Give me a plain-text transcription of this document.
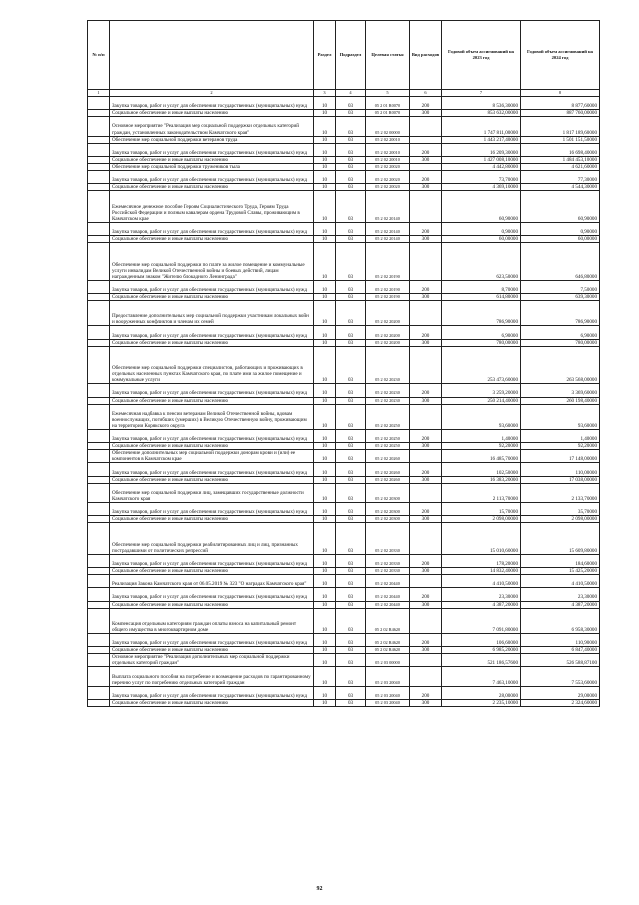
№ п/п		Раздел	Подраздел	Целевая статья	Вид расходов	Годовой объем ассигнований на 2023 год	Годовой объем ассигнований на 2024 год
1	2	3	4	5	6	7	8
	Закупка товаров, работ и услуг для обеспечения государственных (муниципальных) нужд	10	03	05 2 01 R0070	200	8 536,30000	8 877,60000
	Социальное обеспечение и иные выплаты населению	10	03	05 2 01 R0070	300	853 632,00000	887 760,00000
	Основное мероприятие "Реализация мер социальной поддержки отдельных категорий граждан, установленных законодательством Камчатского края"	10	03	05 2 02 00000		1 747 811,00000	1 817 189,60000
	Обеспечение мер социальной поддержки ветеранов труда	10	03	05 2 02 20010		1 443 217,40000	1 501 151,50000
	Закупка товаров, работ и услуг для обеспечения государственных (муниципальных) нужд	10	03	05 2 02 20010	200	16 209,30000	16 698,40000
	Социальное обеспечение и иные выплаты населению	10	03	05 2 02 20010	300	1 427 008,10000	1 484 453,10000
	Обеспечение мер социальной поддержки тружеников тыла	10	03	05 2 02 20020		4 442,80000	4 621,60000
	Закупка товаров, работ и услуг для обеспечения государственных (муниципальных) нужд	10	03	05 2 02 20020	200	73,70000	77,30000
	Социальное обеспечение и иные выплаты населению	10	03	05 2 02 20020	300	4 369,10000	4 544,30000
	Ежемесячное денежное пособие Героям Социалистического Труда, Героям Труда Российской Федерации и полным кавалерам ордена Трудовой Славы, проживающим в Камчатском крае	10	03	05 2 02 20140		60,90000	60,90000
	Закупка товаров, работ и услуг для обеспечения государственных (муниципальных) нужд	10	03	05 2 02 20140	200	0,90000	0,90000
	Социальное обеспечение и иные выплаты населению	10	03	05 2 02 20140	300	60,00000	60,00000
	Обеспечение мер социальной поддержки по плате за жилое помещение и коммунальные услуги инвалидам Великой Отечественной войны и боевых действий, лицам награжденным знаком "Жителю блокадного Ленинграда"	10	03	05 2 02 20190		623,50000	646,80000
	Закупка товаров, работ и услуг для обеспечения государственных (муниципальных) нужд	10	03	05 2 02 20190	200	8,70000	7,50000
	Социальное обеспечение и иные выплаты населению	10	03	05 2 02 20190	300	614,80000	639,30000
	Предоставление дополнительных мер социальной поддержки участникам локальных войн и вооруженных конфликтов и членам их семей	10	03	05 2 02 20200		786,90000	786,90000
	Закупка товаров, работ и услуг для обеспечения государственных (муниципальных) нужд	10	03	05 2 02 20200	200	6,90000	6,90000
	Социальное обеспечение и иные выплаты населению	10	03	05 2 02 20200	300	780,00000	780,00000
	Обеспечение мер социальной поддержки специалистов, работающих и проживающих в отдельных населенных пунктах Камчатского края, по плате ими за жилое помещение и коммунальные услуги	10	03	05 2 02 20230		253 473,60000	263 568,00000
	Закупка товаров, работ и услуг для обеспечения государственных (муниципальных) нужд	10	03	05 2 02 20230	200	3 259,20000	3 369,60000
	Социальное обеспечение и иные выплаты населению	10	03	05 2 02 20230	300	250 214,40000	260 198,40000
	Ежемесячная надбавка к пенсии ветеранам Великой Отечественной войны, вдовам военнослужащих, погибших (умерших) в Великую Отечественную войну, проживающим на территории Корякского округа	10	03	05 2 02 20250		93,60000	93,60000
	Закупка товаров, работ и услуг для обеспечения государственных (муниципальных) нужд	10	03	05 2 02 20250	200	1,40000	1,40000
	Социальное обеспечение и иные выплаты населению	10	03	05 2 02 20250	300	92,20000	92,20000
	Обеспечение дополнительных мер социальной поддержки донорам крови и (или) ее компонентов в Камчатском крае	10	03	05 2 02 20260		16 485,70000	17 148,00000
	Закупка товаров, работ и услуг для обеспечения государственных (муниципальных) нужд	10	03	05 2 02 20260	200	102,50000	110,00000
	Социальное обеспечение и иные выплаты населению	10	03	05 2 02 20260	300	16 383,20000	17 038,00000
	Обеспечение мер социальной поддержки лиц, замещавших государственные должности Камчатского края	10	03	05 2 02 20300		2 113,70000	2 133,70000
	Закупка товаров, работ и услуг для обеспечения государственных (муниципальных) нужд	10	03	05 2 02 20300	200	15,70000	35,70000
	Социальное обеспечение и иные выплаты населению	10	03	05 2 02 20300	300	2 098,00000	2 098,00000
	Обеспечение мер социальной поддержки реабилитированных лиц и лиц, признанных пострадавшими от политических репрессий	10	03	05 2 02 20330		15 010,60000	15 609,80000
	Закупка товаров, работ и услуг для обеспечения государственных (муниципальных) нужд	10	03	05 2 02 20330	200	178,20000	184,60000
	Социальное обеспечение и иные выплаты населению	10	03	05 2 02 20330	300	14 832,40000	15 425,20000
	Реализация Закона Камчатского края от 06.05.2019 № 323 "О наградах Камчатского края"	10	03	05 2 02 20440		4 410,50000	4 410,50000
	Закупка товаров, работ и услуг для обеспечения государственных (муниципальных) нужд	10	03	05 2 02 20440	200	23,30000	23,30000
	Социальное обеспечение и иные выплаты населению	10	03	05 2 02 20440	300	4 387,20000	4 387,20000
	Компенсация отдельным категориям граждан оплаты взноса на капитальный ремонт общего имущества в многоквартирном доме	10	03	05 2 02 R4620		7 091,80000	6 958,30000
	Закупка товаров, работ и услуг для обеспечения государственных (муниципальных) нужд	10	03	05 2 02 R4620	200	106,60000	110,90000
	Социальное обеспечение и иные выплаты населению	10	03	05 2 02 R4620	300	6 985,20000	6 847,40000
	Основное мероприятие "Реализация дополнительных мер социальной поддержки отдельных категорий граждан"	10	03	05 2 03 00000		521 186,57600	526 588,87100
	Выплата социального пособия на погребение и возмещение расходов по гарантированному перечню услуг по погребению отдельных категорий граждан	10	03	05 2 03 20040		7 463,10000	7 553,60000
	Закупка товаров, работ и услуг для обеспечения государственных (муниципальных) нужд	10	03	05 2 03 20040	200	28,00000	29,00000
	Социальное обеспечение и иные выплаты населению	10	03	05 2 03 20040	300	2 235,10000	2 324,60000
92
